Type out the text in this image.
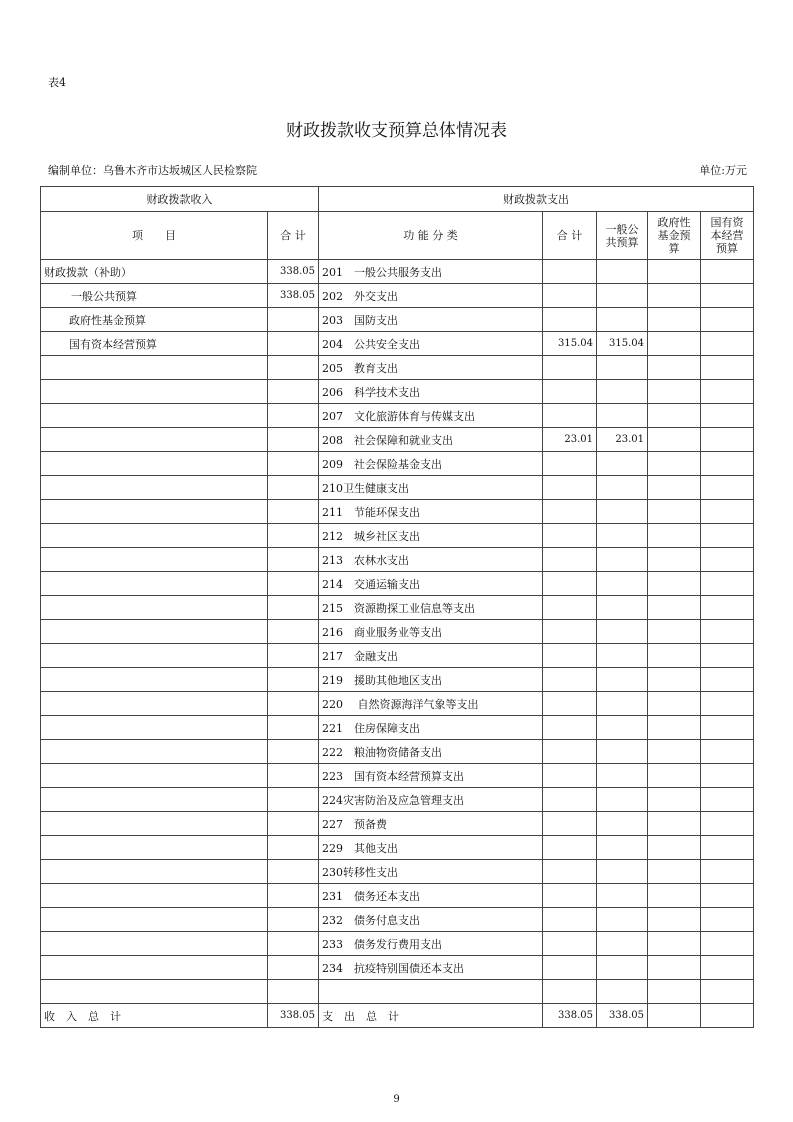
表4
财政拨款收支预算总体情况表
编制单位：乌鲁木齐市达坂城区人民检察院	单位:万元
财政拨款收入		财政拨款支出				
项　　目	合 计	功 能 分 类	合 计	一般公 共预算	政府性 基金预 算	国有资 本经营 预算
财政拨款（补助）	338.05	201　一般公共服务支出				
一般公共预算	338.05	202　外交支出				
政府性基金预算		203　国防支出				
国有资本经营预算		204　公共安全支出	315.04	315.04		
		205　教育支出				
		206　科学技术支出				
		207　文化旅游体育与传媒支出				
		208　社会保障和就业支出	23.01	23.01		
		209　社会保险基金支出				
		210卫生健康支出				
		211　节能环保支出				
		212　城乡社区支出				
		213　农林水支出				
		214　交通运输支出				
		215　资源勘探工业信息等支出				
		216　商业服务业等支出				
		217　金融支出				
		219　援助其他地区支出				
		220　 自然资源海洋气象等支出				
		221　住房保障支出				
		222　粮油物资储备支出				
		223　国有资本经营预算支出				
		224灾害防治及应急管理支出				
		227　预备费				
		229　其他支出				
		230转移性支出				
		231　债务还本支出				
		232　债务付息支出				
		233　债务发行费用支出				
		234　抗疫特别国债还本支出				

收　入　总　计	338.05	支　出　总　计	338.05	338.05		
9
